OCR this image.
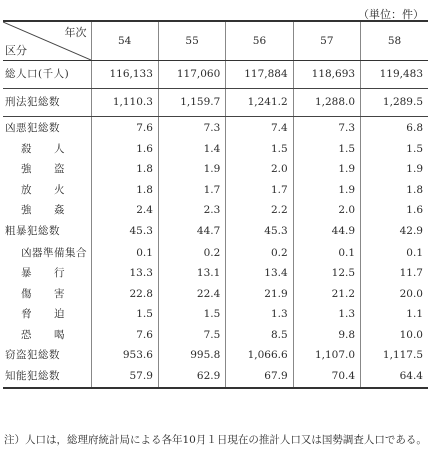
（単位：件）
年次
区分	54	55	56	57	58
総人口(千人)	116,133	117,060	117,884	118,693	119,483
刑法犯総数	1,110.3	1,159.7	1,241.2	1,288.0	1,289.5
凶悪犯総数	7.6	7.3	7.4	7.3	6.8
殺　　人	1.6	1.4	1.5	1.5	1.5
強　　盗	1.8	1.9	2.0	1.9	1.9
放　　火	1.8	1.7	1.7	1.9	1.8
強　　姦	2.4	2.3	2.2	2.0	1.6
粗暴犯総数	45.3	44.7	45.3	44.9	42.9
凶器準備集合	0.1	0.2	0.2	0.1	0.1
暴　　行	13.3	13.1	13.4	12.5	11.7
傷　　害	22.8	22.4	21.9	21.2	20.0
脅　　迫	1.5	1.5	1.3	1.3	1.1
恐　　喝	7.6	7.5	8.5	9.8	10.0
窃盗犯総数	953.6	995.8	1,066.6	1,107.0	1,117.5
知能犯総数	57.9	62.9	67.9	70.4	64.4
注）人口は，総理府統計局による各年10月１日現在の推計人口又は国勢調査人口である。
